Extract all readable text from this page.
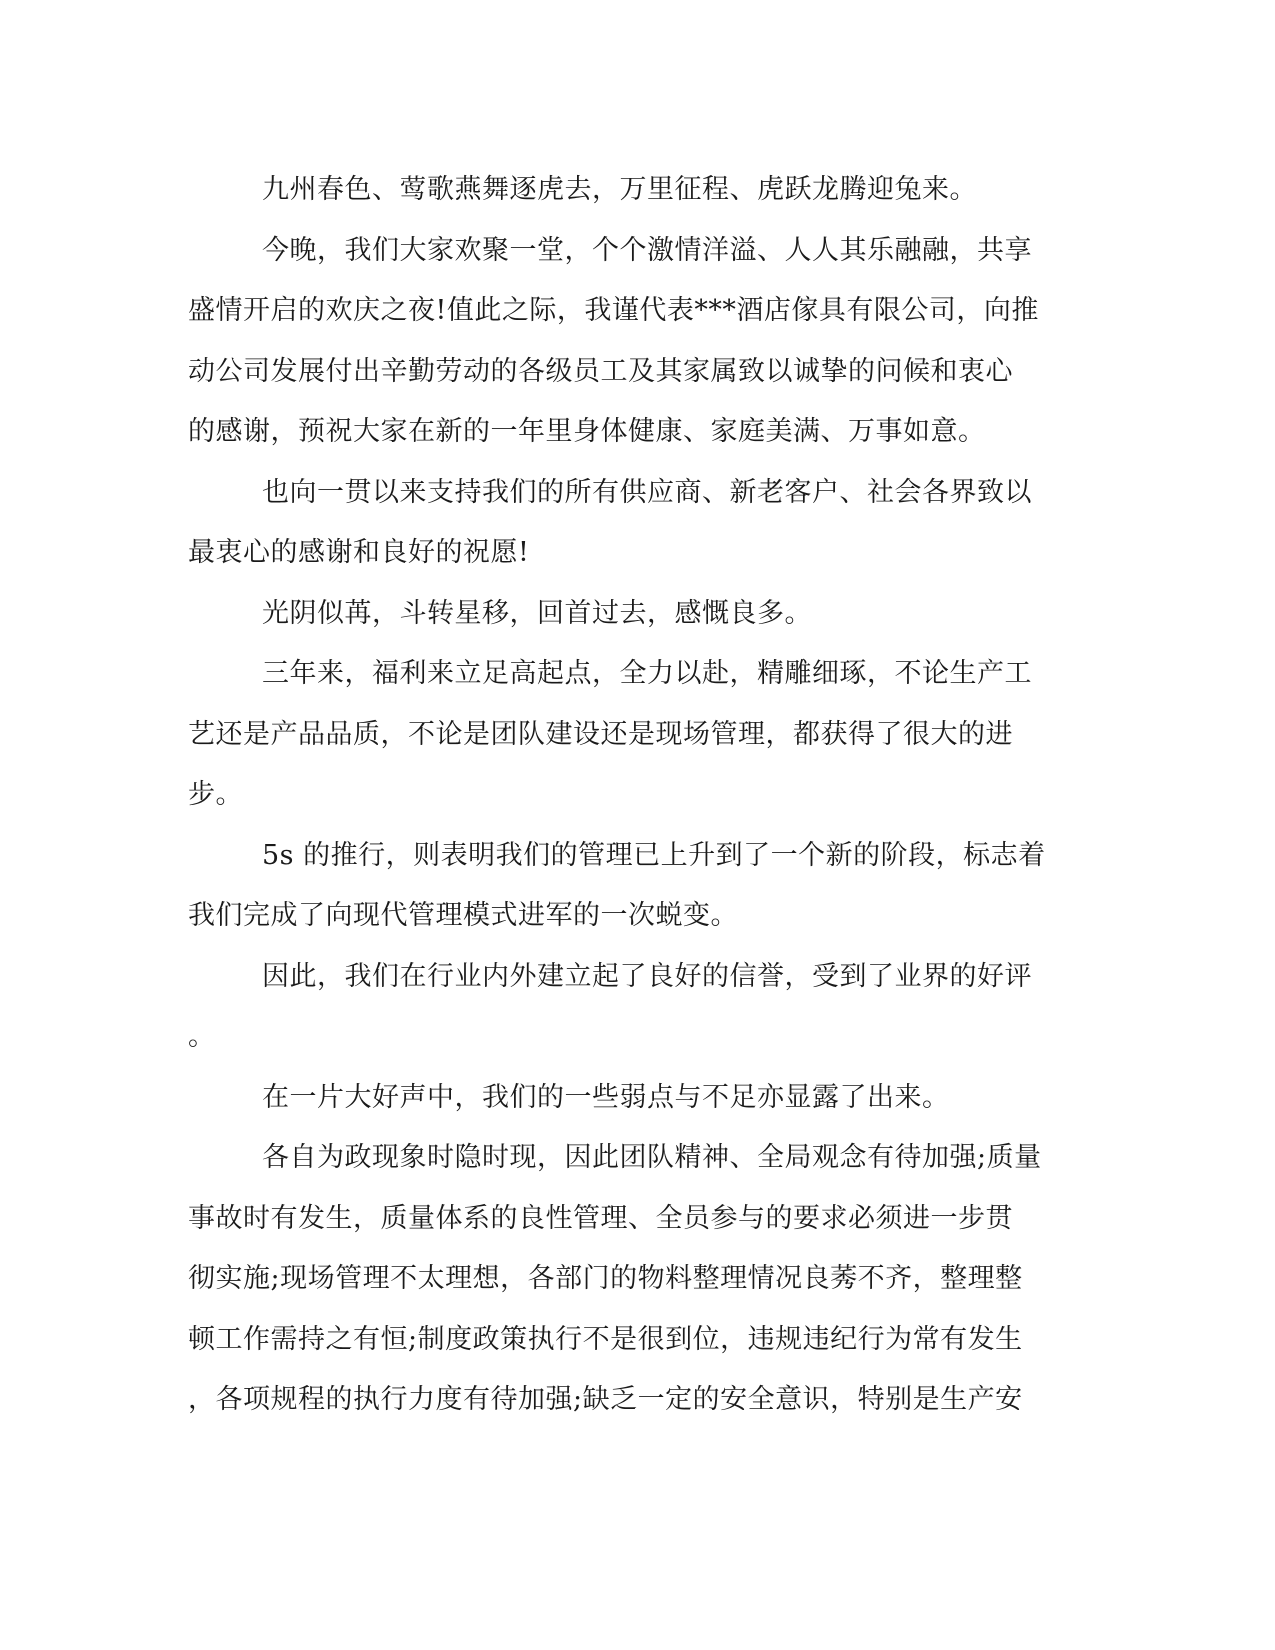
九州春色、莺歌燕舞逐虎去，万里征程、虎跃龙腾迎兔来。

今晚，我们大家欢聚一堂，个个激情洋溢、人人其乐融融，共享
盛情开启的欢庆之夜!值此之际，我谨代表***酒店傢具有限公司，向推
动公司发展付出辛勤劳动的各级员工及其家属致以诚挚的问候和衷心
的感谢，预祝大家在新的一年里身体健康、家庭美满、万事如意。

也向一贯以来支持我们的所有供应商、新老客户、社会各界致以
最衷心的感谢和良好的祝愿!

光阴似苒，斗转星移，回首过去，感慨良多。

三年来，福利来立足高起点，全力以赴，精雕细琢，不论生产工
艺还是产品品质，不论是团队建设还是现场管理，都获得了很大的进
步。

5s 的推行，则表明我们的管理已上升到了一个新的阶段，标志着
我们完成了向现代管理模式进军的一次蜕变。

因此，我们在行业内外建立起了良好的信誉，受到了业界的好评
。

在一片大好声中，我们的一些弱点与不足亦显露了出来。

各自为政现象时隐时现，因此团队精神、全局观念有待加强;质量
事故时有发生，质量体系的良性管理、全员参与的要求必须进一步贯
彻实施;现场管理不太理想，各部门的物料整理情况良莠不齐，整理整
顿工作需持之有恒;制度政策执行不是很到位，违规违纪行为常有发生
，各项规程的执行力度有待加强;缺乏一定的安全意识，特别是生产安
